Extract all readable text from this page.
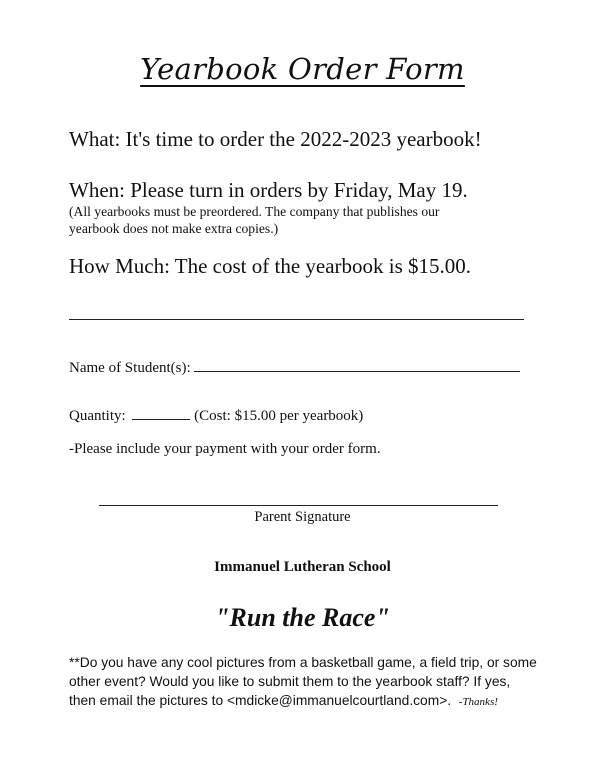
Yearbook Order Form
What: It's time to order the 2022-2023 yearbook!
When: Please turn in orders by Friday, May 19.
(All yearbooks must be preordered. The company that publishes our
yearbook does not make extra copies.)
How Much: The cost of the yearbook is $15.00.
Name of Student(s):
Quantity:	(Cost: $15.00 per yearbook)
-Please include your payment with your order form.
Parent Signature
Immanuel Lutheran School
"Run the Race"
**Do you have any cool pictures from a basketball game, a field trip, or some other event? Would you like to submit them to the yearbook staff? If yes, then email the pictures to <mdicke@immanuelcourtland.com>. -Thanks!
